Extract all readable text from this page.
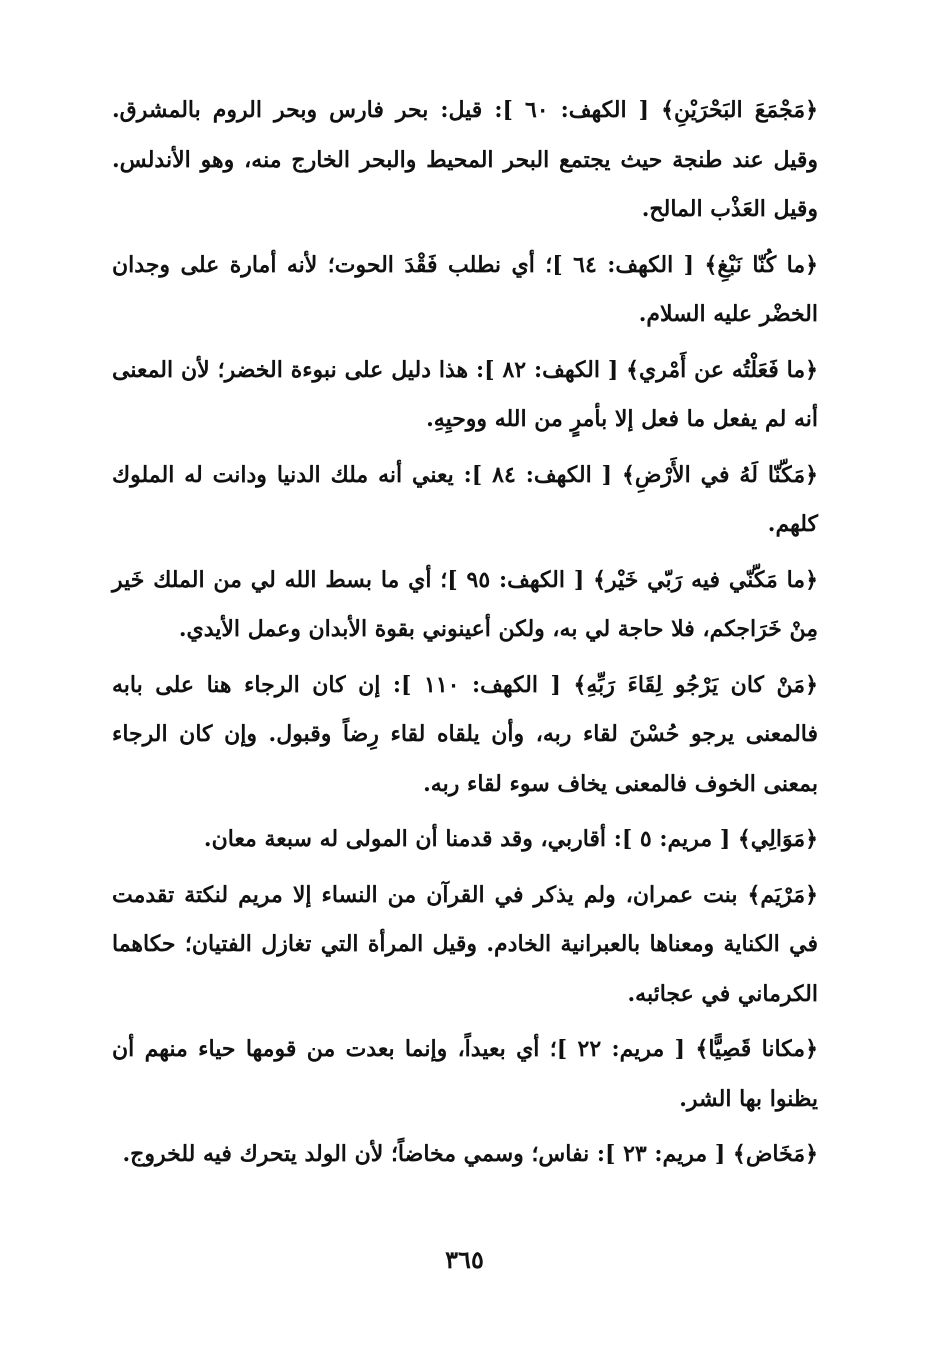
﴿مَجْمَعَ البَحْرَيْنِ﴾ [ الكهف: ٦٠ ]: قيل: بحر فارس وبحر الروم بالمشرق. وقيل عند طنجة حيث يجتمع البحر المحيط والبحر الخارج منه، وهو الأندلس. وقيل العَذْب المالح.

﴿ما كُنّا نَبْغِ﴾ [ الكهف: ٦٤ ]؛ أي نطلب فَقْدَ الحوت؛ لأنه أمارة على وجدان الخضْر عليه السلام.

﴿ما فَعَلْتُه عن أَمْري﴾ [ الكهف: ٨٢ ]: هذا دليل على نبوءة الخضر؛ لأن المعنى أنه لم يفعل ما فعل إلا بأمرٍ من الله ووحيِهِ.

﴿مَكّنّا لَهُ في الأَرْضِ﴾ [ الكهف: ٨٤ ]: يعني أنه ملك الدنيا ودانت له الملوك كلهم.

﴿ما مَكّنّي فيه رَبّي خَيْر﴾ [ الكهف: ٩٥ ]؛ أي ما بسط الله لي من الملك خَير مِنْ خَرَاجكم، فلا حاجة لي به، ولكن أعينوني بقوة الأبدان وعمل الأيدي.

﴿مَنْ كان يَرْجُو لِقَاءَ رَبِّهِ﴾ [ الكهف: ١١٠ ]: إن كان الرجاء هنا على بابه فالمعنى يرجو حُسْنَ لقاء ربه، وأن يلقاه لقاء رِضاً وقبول. وإن كان الرجاء بمعنى الخوف فالمعنى يخاف سوء لقاء ربه.

﴿مَوَالِي﴾ [ مريم: ٥ ]: أقاربي، وقد قدمنا أن المولى له سبعة معان.

﴿مَرْيَم﴾ بنت عمران، ولم يذكر في القرآن من النساء إلا مريم لنكتة تقدمت في الكناية ومعناها بالعبرانية الخادم. وقيل المرأة التي تغازل الفتيان؛ حكاهما الكرماني في عجائبه.

﴿مكانا قَصِيًّا﴾ [ مريم: ٢٢ ]؛ أي بعيداً، وإنما بعدت من قومها حياء منهم أن يظنوا بها الشر.

﴿مَخَاض﴾ [ مريم: ٢٣ ]: نفاس؛ وسمي مخاضاً؛ لأن الولد يتحرك فيه للخروج.

٣٦٥
